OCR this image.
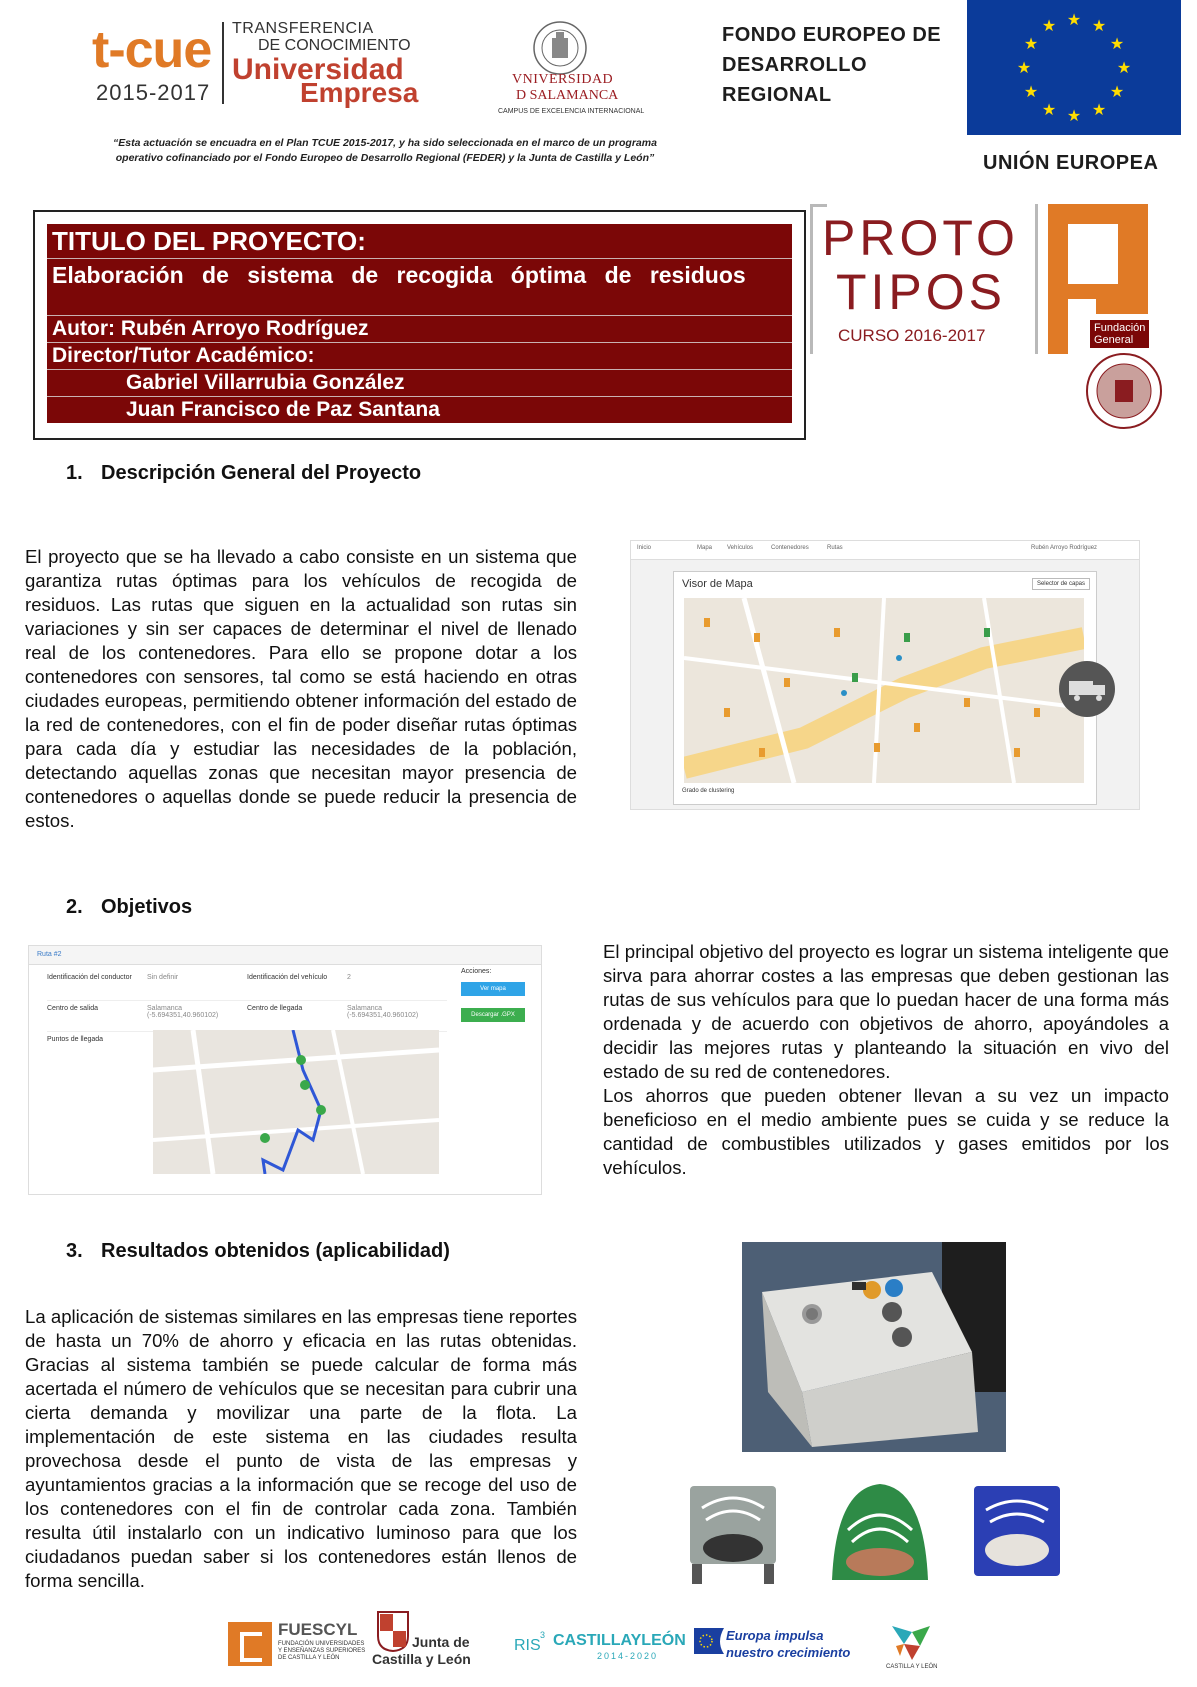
t-cue
2015-2017
TRANSFERENCIA
DE CONOCIMIENTO
Universidad
Empresa	VNIVERSIDAD
D SALAMANCA
CAMPUS DE EXCELENCIA INTERNACIONAL
FONDO EUROPEO DE
DESARROLLO
REGIONAL
★ ★
★
★
★
★
★
★
★
★
★
★
UNIÓN EUROPEA
“Esta actuación se encuadra en el Plan TCUE 2015-2017, y ha sido seleccionada en el marco de un programa
operativo cofinanciado por el Fondo Europeo de Desarrollo Regional (FEDER) y la Junta de Castilla y León”
TITULO DEL PROYECTO:
Elaboración de sistema de recogida óptima de residuos
Autor: Rubén Arroyo Rodríguez
Director/Tutor Académico:
Gabriel Villarrubia González
Juan Francisco de Paz Santana
PROTO
TIPOS
CURSO 2016-2017	Fundación
General
1. Descripción General del Proyecto
El proyecto que se ha llevado a cabo consiste en un sistema que garantiza rutas óptimas para los vehículos de recogida de residuos. Las rutas que siguen en la actualidad son rutas sin variaciones y sin ser capaces de determinar el nivel de llenado real de los contenedores. Para ello se propone dotar a los contenedores con sensores, tal como se está haciendo en otras ciudades europeas, permitiendo obtener información del estado de la red de contenedores, con el fin de poder diseñar rutas óptimas para cada día y estudiar las necesidades de la población, detectando aquellas zonas que necesitan mayor presencia de contenedores o aquellas donde se puede reducir la presencia de estos.
Inicio	Mapa Vehículos	Contenedores	Rutas	Rubén Arroyo Rodríguez
Visor de Mapa	Selector de capas
Grado de clustering
2. Objetivos
Ruta #2
Identificación del conductor	Sin definir	Identificación del vehículo	2
Centro de salida	Salamanca (-5.694351,40.960102)
Centro de llegada	Salamanca (-5.694351,40.960102)
Puntos de llegada
Acciones:
Ver mapa
Descargar .GPX
El principal objetivo del proyecto es lograr un sistema inteligente que sirva para ahorrar costes a las empresas que deben gestionan las rutas de sus vehículos para que lo puedan hacer de una forma más ordenada y de acuerdo con objetivos de ahorro, apoyándoles a decidir las mejores rutas y planteando la situación en vivo del estado de su red de contenedores.
Los ahorros que pueden obtener llevan a su vez un impacto beneficioso en el medio ambiente pues se cuida y se reduce la cantidad de combustibles utilizados y gases emitidos por los vehículos.
3. Resultados obtenidos (aplicabilidad)
La aplicación de sistemas similares en las empresas tiene reportes de hasta un 70% de ahorro y eficacia en las rutas obtenidas. Gracias al sistema también se puede calcular de forma más acertada el número de vehículos que se necesitan para cubrir una cierta demanda y movilizar una parte de la flota. La implementación de este sistema en las ciudades resulta provechosa desde el punto de vista de las empresas y ayuntamientos gracias a la información que se recoge del uso de los contenedores con el fin de controlar cada zona. También resulta útil instalarlo con un indicativo luminoso para que los ciudadanos puedan saber si los contenedores están llenos de forma sencilla.
FUESCYL
FUNDACIÓN UNIVERSIDADES
Y ENSEÑANZAS SUPERIORES
DE CASTILLA Y LEÓN
Junta de
Castilla y León
RIS
3 CASTILLAYLEÓN
2014-2020
Europa impulsa
nuestro crecimiento
CASTILLA Y LEÓN
